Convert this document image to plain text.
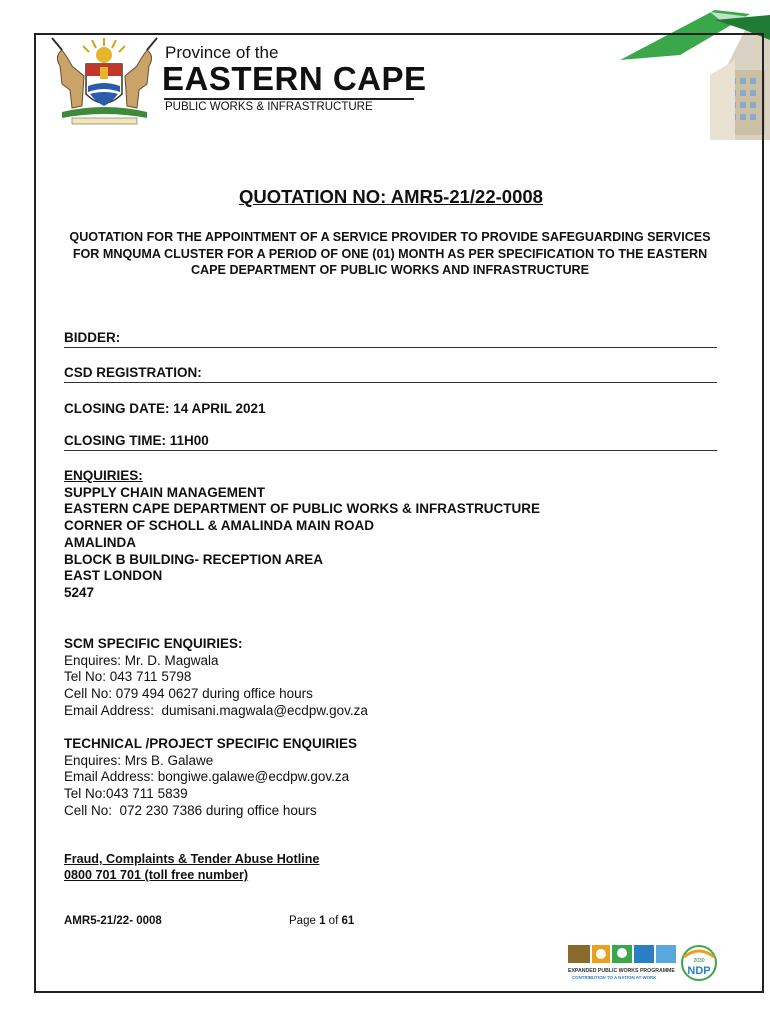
Province of the
EASTERN CAPE
PUBLIC WORKS & INFRASTRUCTURE
QUOTATION NO: AMR5-21/22-0008
QUOTATION FOR THE APPOINTMENT OF A SERVICE PROVIDER TO PROVIDE SAFEGUARDING SERVICES FOR MNQUMA CLUSTER FOR A PERIOD OF ONE (01) MONTH AS PER SPECIFICATION TO THE EASTERN CAPE DEPARTMENT OF PUBLIC WORKS AND INFRASTRUCTURE
BIDDER:
CSD REGISTRATION:
CLOSING DATE: 14 APRIL 2021
CLOSING TIME: 11H00
ENQUIRIES:
SUPPLY CHAIN MANAGEMENT
EASTERN CAPE DEPARTMENT OF PUBLIC WORKS & INFRASTRUCTURE
CORNER OF SCHOLL & AMALINDA MAIN ROAD
AMALINDA
BLOCK B BUILDING- RECEPTION AREA
EAST LONDON
5247
SCM SPECIFIC ENQUIRIES:
Enquires: Mr. D. Magwala
Tel No: 043 711 5798
Cell No: 079 494 0627 during office hours
Email Address:  dumisani.magwala@ecdpw.gov.za
TECHNICAL /PROJECT SPECIFIC ENQUIRIES
Enquires: Mrs B. Galawe
Email Address: bongiwe.galawe@ecdpw.gov.za
Tel No:043 711 5839
Cell No:  072 230 7386 during office hours
Fraud, Complaints & Tender Abuse Hotline
0800 701 701 (toll free number)
AMR5-21/22- 0008	Page 1 of 61
EXPANDED PUBLIC WORKS PROGRAMME
CONTRIBUTION TO A NATION AT WORK
2030
NDP
